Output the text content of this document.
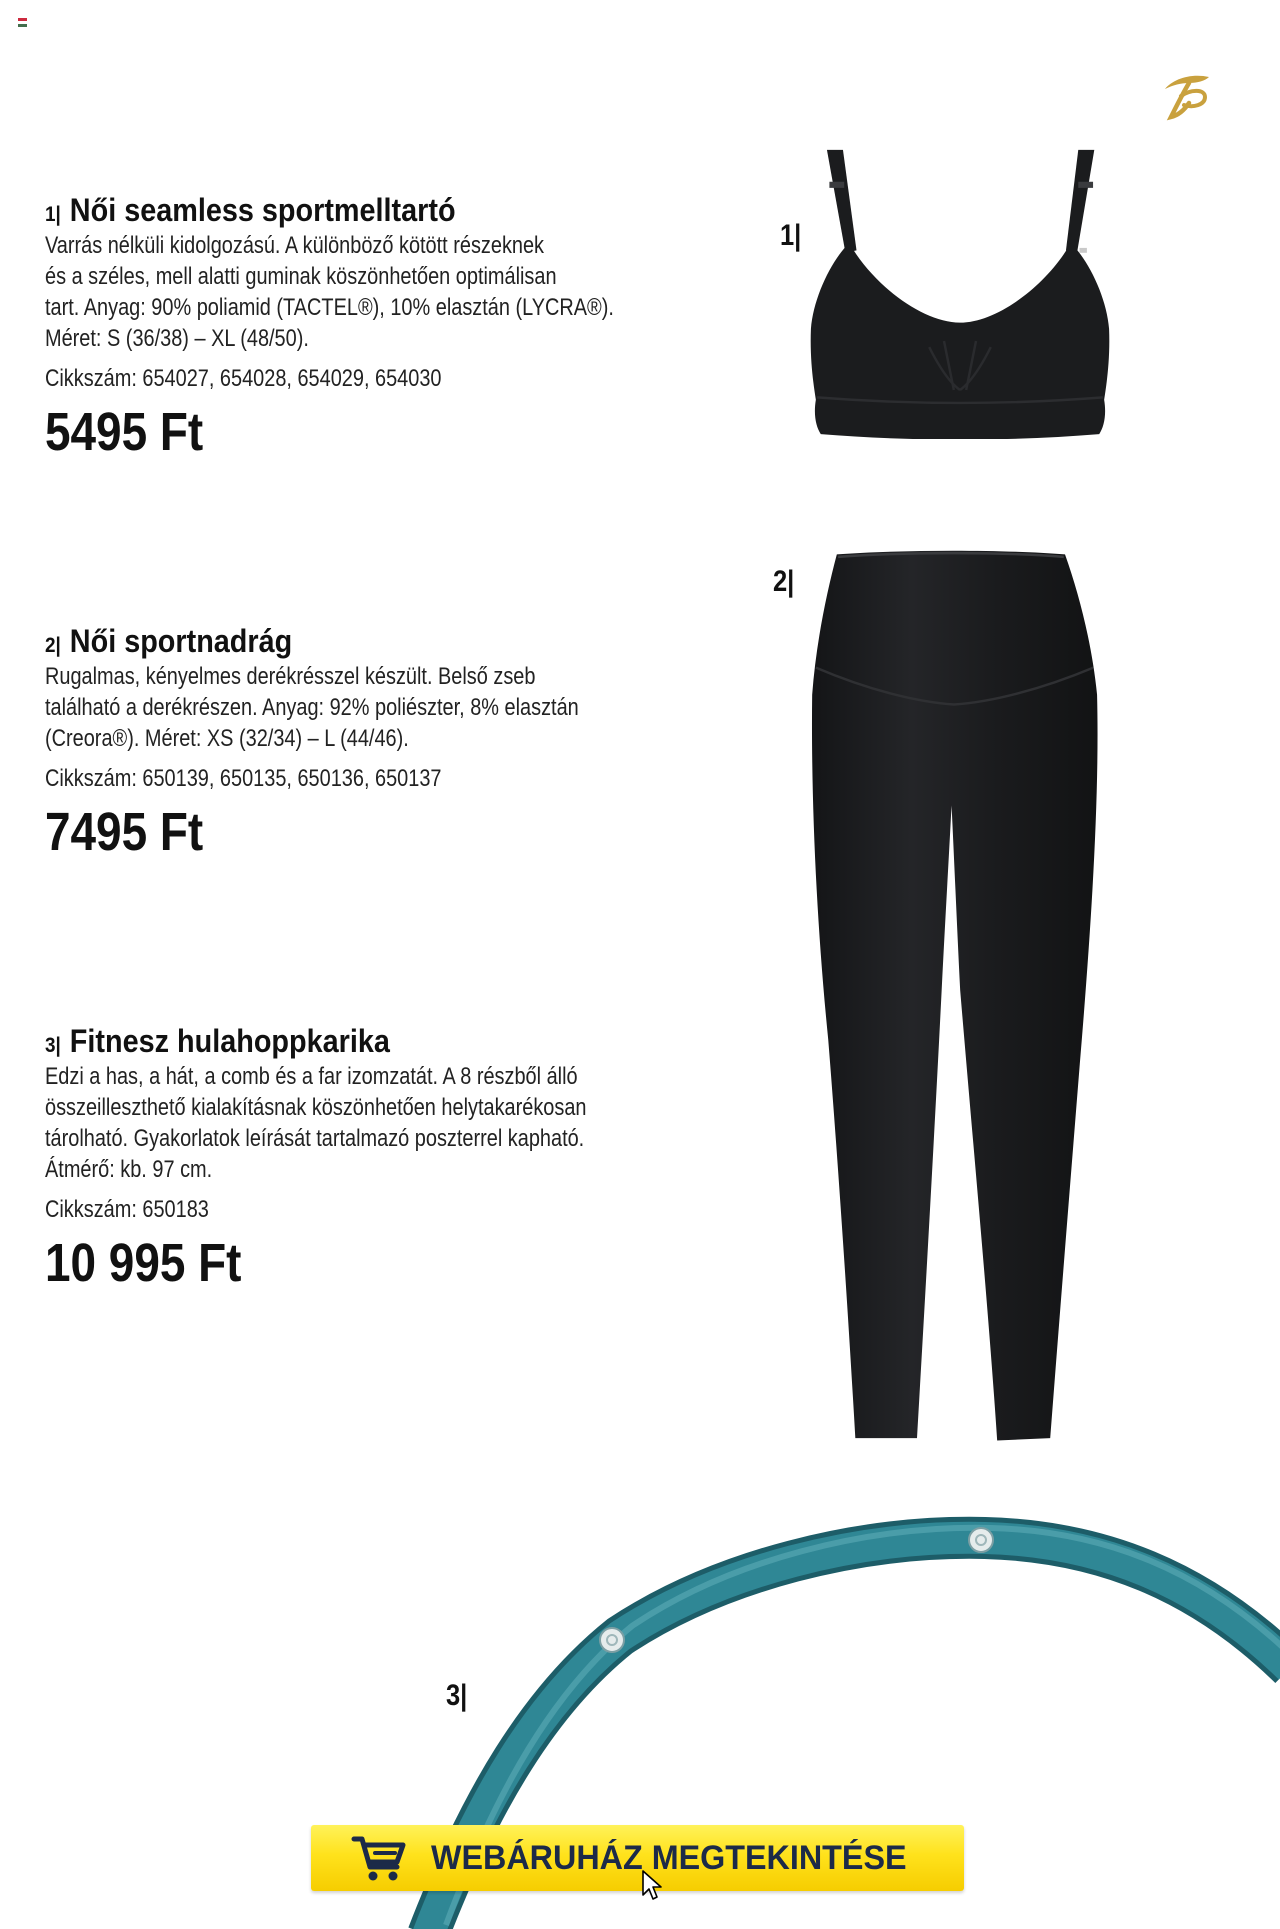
1| Női seamless sportmelltartó
Varrás nélküli kidolgozású. A különböző kötött részeknek
és a széles, mell alatti guminak köszönhetően optimálisan
tart. Anyag: 90% poliamid (TACTEL®), 10% elasztán (LYCRA®).
Méret: S (36/38) – XL (48/50).
Cikkszám: 654027, 654028, 654029, 654030
5495 Ft
2| Női sportnadrág
Rugalmas, kényelmes derékrésszel készült. Belső zseb
található a derékrészen. Anyag: 92% poliészter, 8% elasztán
(Creora®). Méret: XS (32/34) – L (44/46).
Cikkszám: 650139, 650135, 650136, 650137
7495 Ft
3| Fitnesz hulahoppkarika
Edzi a has, a hát, a comb és a far izomzatát. A 8 részből álló
összeilleszthető kialakításnak köszönhetően helytakarékosan
tárolható. Gyakorlatok leírását tartalmazó poszterrel kapható.
Átmérő: kb. 97 cm.
Cikkszám: 650183
10 995 Ft
1|
2|
3|
WEBÁRUHÁZ MEGTEKINTÉSE
